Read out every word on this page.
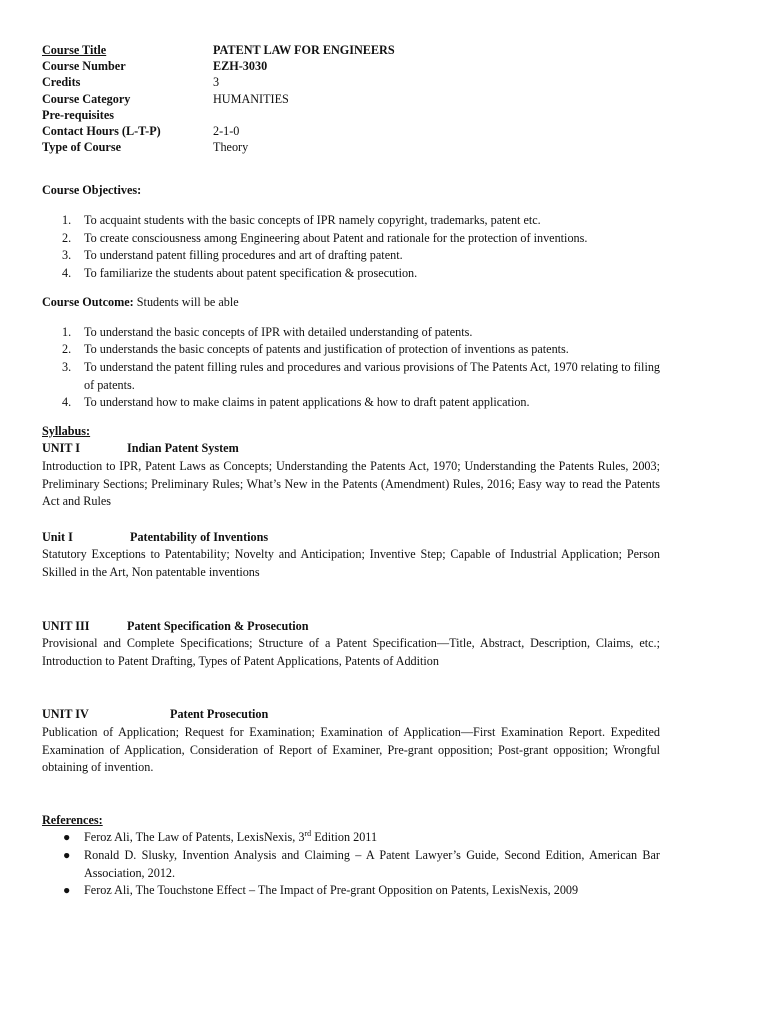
Course Title	PATENT LAW FOR ENGINEERS
Course Number	EZH-3030
Credits	3
Course Category	HUMANITIES
Pre-requisites
Contact Hours (L-T-P)	2-1-0
Type of Course	Theory
Course Objectives:
1.	To acquaint students with the basic concepts of IPR namely copyright, trademarks, patent etc.
2.	To create consciousness among Engineering about Patent and rationale for the protection of inventions.
3.	To understand patent filling procedures and art of drafting patent.
4.	To familiarize the students about patent specification & prosecution.
Course Outcome: Students will be able
1.	To understand the basic concepts of IPR with detailed understanding of patents.
2.	To understands the basic concepts of patents and justification of protection of inventions as patents.
3.	To understand the patent filling rules and procedures and various provisions of The Patents Act, 1970 relating to filing of patents.
4.	To understand how to make claims in patent applications & how to draft patent application.
Syllabus:
UNIT I	Indian Patent System
Introduction to IPR, Patent Laws as Concepts; Understanding the Patents Act, 1970; Understanding the Patents Rules, 2003; Preliminary Sections; Preliminary Rules; What’s New in the Patents (Amendment) Rules, 2016; Easy way to read the Patents Act and Rules
Unit I	Patentability of Inventions
Statutory Exceptions to Patentability; Novelty and Anticipation; Inventive Step; Capable of Industrial Application; Person Skilled in the Art, Non patentable inventions
UNIT III	Patent Specification & Prosecution
Provisional and Complete Specifications; Structure of a Patent Specification—Title, Abstract, Description, Claims, etc.; Introduction to Patent Drafting, Types of Patent Applications, Patents of Addition
UNIT IV	Patent Prosecution
Publication of Application; Request for Examination; Examination of Application—First Examination Report. Expedited Examination of Application, Consideration of Report of Examiner, Pre-grant opposition; Post-grant opposition; Wrongful obtaining of invention.
References:
●	Feroz Ali, The Law of Patents, LexisNexis, 3rd Edition 2011
●	Ronald D. Slusky, Invention Analysis and Claiming – A Patent Lawyer’s Guide, Second Edition, American Bar Association, 2012.
●	Feroz Ali, The Touchstone Effect – The Impact of Pre-grant Opposition on Patents, LexisNexis, 2009
